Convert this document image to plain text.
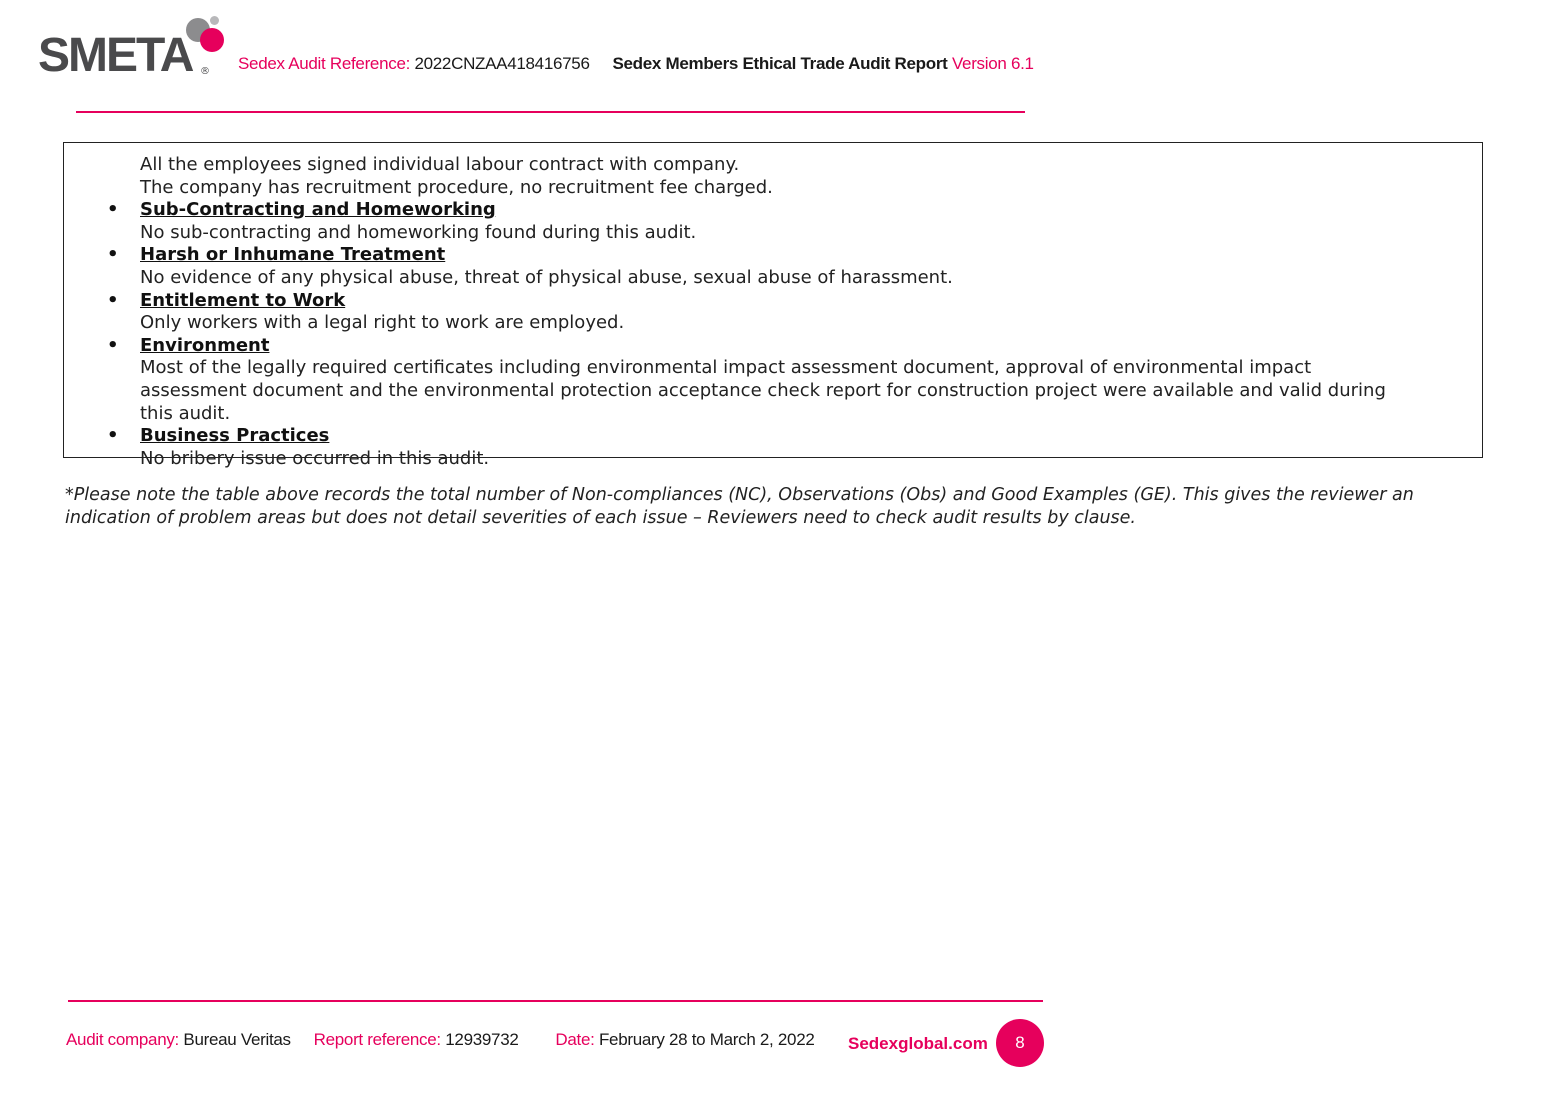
SMETA ® Sedex Audit Reference: 2022CNZAA418416756 Sedex Members Ethical Trade Audit Report Version 6.1
All the employees signed individual labour contract with company.
The company has recruitment procedure, no recruitment fee charged.
• Sub-Contracting and Homeworking
No sub-contracting and homeworking found during this audit.
• Harsh or Inhumane Treatment
No evidence of any physical abuse, threat of physical abuse, sexual abuse of harassment.
• Entitlement to Work
Only workers with a legal right to work are employed.
• Environment
Most of the legally required certificates including environmental impact assessment document, approval of environmental impact assessment document and the environmental protection acceptance check report for construction project were available and valid during this audit.
• Business Practices
No bribery issue occurred in this audit.
*Please note the table above records the total number of Non-compliances (NC), Observations (Obs) and Good Examples (GE). This gives the reviewer an indication of problem areas but does not detail severities of each issue – Reviewers need to check audit results by clause.
Audit company: Bureau Veritas Report reference: 12939732 Date: February 28 to March 2, 2022 Sedexglobal.com	8
